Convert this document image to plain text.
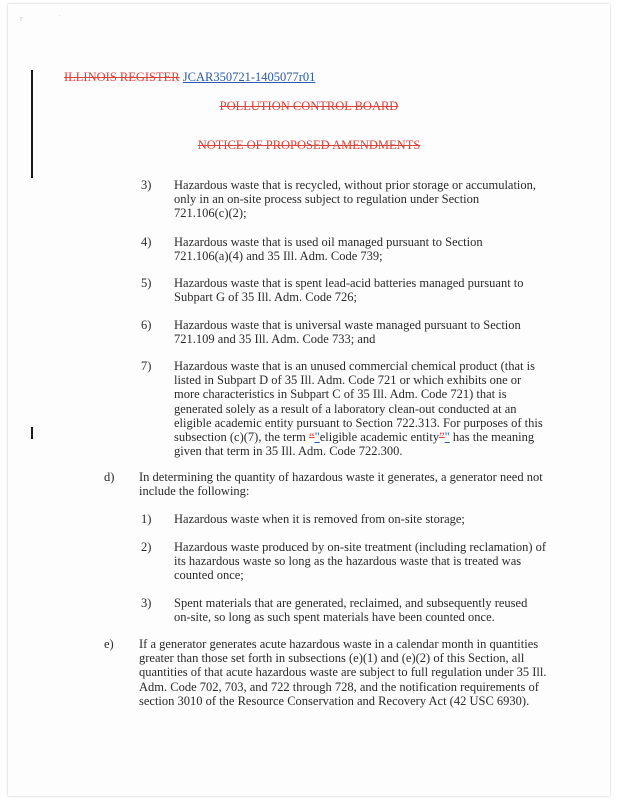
r	´
ILLINOIS REGISTER JCAR350721-1405077r01
POLLUTION CONTROL BOARD
NOTICE OF PROPOSED AMENDMENTS
3) Hazardous waste that is recycled, without prior storage or accumulation,
only in an on-site process subject to regulation under Section
721.106(c)(2);
4) Hazardous waste that is used oil managed pursuant to Section
721.106(a)(4) and 35 Ill. Adm. Code 739;
5) Hazardous waste that is spent lead-acid batteries managed pursuant to
Subpart G of 35 Ill. Adm. Code 726;
6) Hazardous waste that is universal waste managed pursuant to Section
721.109 and 35 Ill. Adm. Code 733; and
7) Hazardous waste that is an unused commercial chemical product (that is
listed in Subpart D of 35 Ill. Adm. Code 721 or which exhibits one or
more characteristics in Subpart C of 35 Ill. Adm. Code 721) that is
generated solely as a result of a laboratory clean-out conducted at an
eligible academic entity pursuant to Section 722.313. For purposes of this
subsection (c)(7), the term “"eligible academic entity”" has the meaning
given that term in 35 Ill. Adm. Code 722.300.
d) In determining the quantity of hazardous waste it generates, a generator need not
include the following:
1) Hazardous waste when it is removed from on-site storage;
2) Hazardous waste produced by on-site treatment (including reclamation) of
its hazardous waste so long as the hazardous waste that is treated was
counted once;
3) Spent materials that are generated, reclaimed, and subsequently reused
on-site, so long as such spent materials have been counted once.
e) If a generator generates acute hazardous waste in a calendar month in quantities
greater than those set forth in subsections (e)(1) and (e)(2) of this Section, all
quantities of that acute hazardous waste are subject to full regulation under 35 Ill.
Adm. Code 702, 703, and 722 through 728, and the notification requirements of
section 3010 of the Resource Conservation and Recovery Act (42 USC 6930).
